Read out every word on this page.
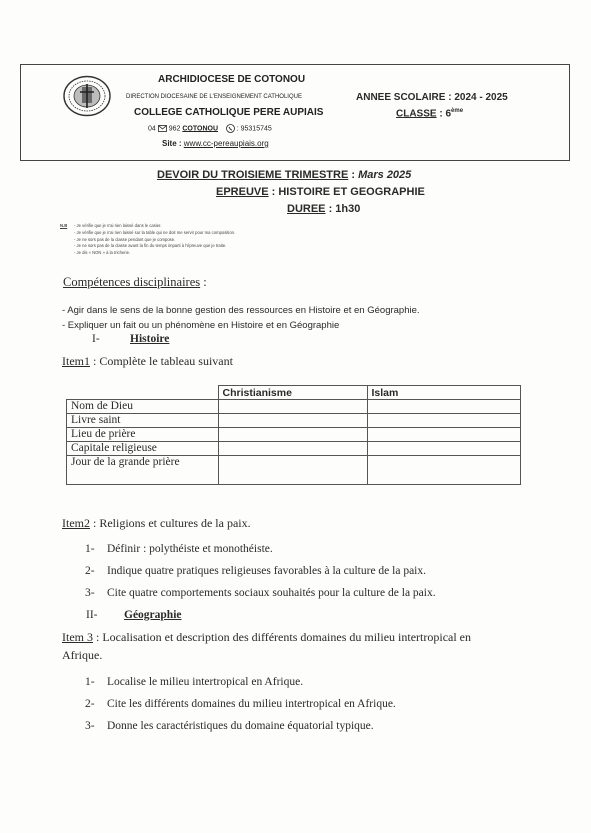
ARCHIDIOCESE DE COTONOU
DIRECTION DIOCESAINE DE L'ENSEIGNEMENT CATHOLIQUE
COLLEGE CATHOLIQUE PERE AUPIAIS
04 962 COTONOU	: 95315745
Site : www.cc-pereaupiais.org
ANNEE SCOLAIRE : 2024 - 2025
CLASSE : 6ème
DEVOIR DU TROISIEME TRIMESTRE : Mars 2025
EPREUVE : HISTOIRE ET GEOGRAPHIE
DUREE : 1h30
N.B - Je vérifie que je n'ai rien laissé dans le casier.
- Je vérifie que je n'ai rien laissé sur la table qui ne doit me servir pour ma composition.
- Je ne sors pas de la classe pendant que je compose.
- Je ne sors pas de la classe avant la fin du temps imparti à l'épreuve que je traite.
- Je dis « NON » à la tricherie.
Compétences disciplinaires :
- Agir dans le sens de la bonne gestion des ressources en Histoire et en Géographie.
- Expliquer un fait ou un phénomène en Histoire et en Géographie
I-	Histoire
Item1 : Complète le tableau suivant
	Christianisme	Islam
Nom de Dieu		
Livre saint		
Lieu de prière		
Capitale religieuse		
Jour de la grande prière		
Item2 : Religions et cultures de la paix.
1- Définir : polythéiste et monothéiste.
2- Indique quatre pratiques religieuses favorables à la culture de la paix.
3- Cite quatre comportements sociaux souhaités pour la culture de la paix.
II- Géographie
Item 3 : Localisation et description des différents domaines du milieu intertropical en
Afrique.
1- Localise le milieu intertropical en Afrique.
2- Cite les différents domaines du milieu intertropical en Afrique.
3- Donne les caractéristiques du domaine équatorial typique.
